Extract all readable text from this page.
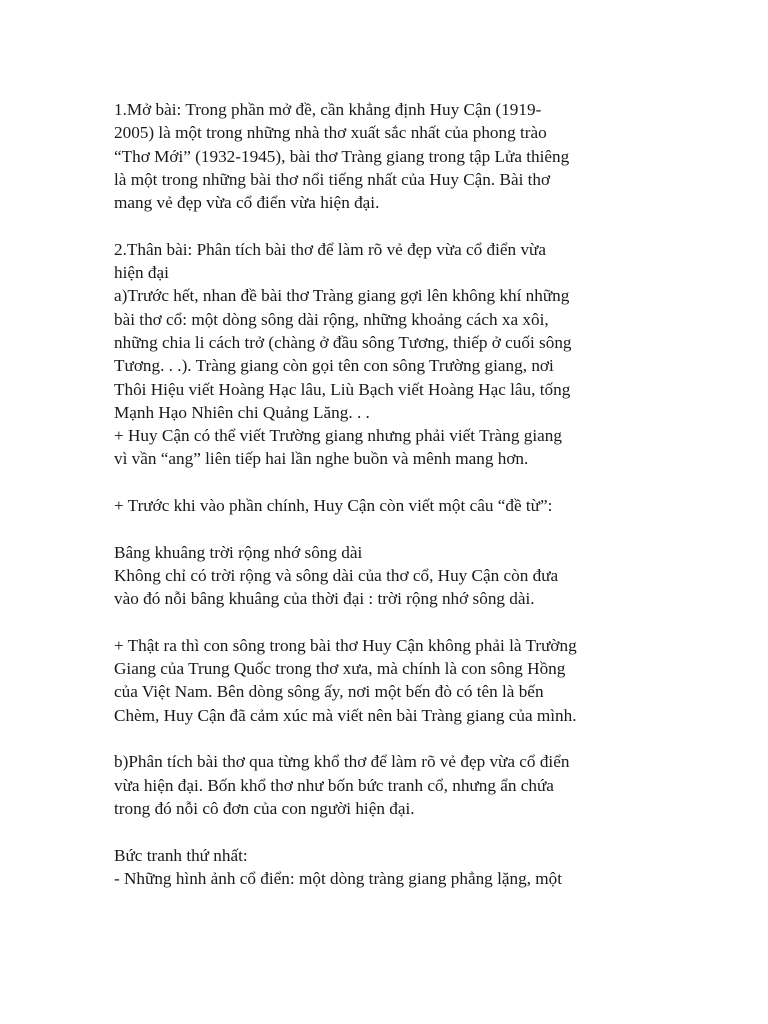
1.Mở bài: Trong phần mở đề, cần khẳng định Huy Cận (1919-
2005) là một trong những nhà thơ xuất sắc nhất của phong trào
“Thơ Mới” (1932-1945), bài thơ Tràng giang trong tập Lửa thiêng
là một trong những bài thơ nổi tiếng nhất của Huy Cận. Bài thơ
mang vẻ đẹp vừa cổ điển vừa hiện đại.
2.Thân bài: Phân tích bài thơ để làm rõ vẻ đẹp vừa cổ điển vừa
hiện đại
a)Trước hết, nhan đề bài thơ Tràng giang gợi lên không khí những
bài thơ cổ: một dòng sông dài rộng, những khoảng cách xa xôi,
những chia li cách trở (chàng ở đầu sông Tương, thiếp ở cuối sông
Tương. . .). Tràng giang còn gọi tên con sông Trường giang, nơi
Thôi Hiệu viết Hoàng Hạc lâu, Liù Bạch viết Hoàng Hạc lâu, tống
Mạnh Hạo Nhiên chi Quảng Lăng. . .
+ Huy Cận có thể viết Trường giang nhưng phải viết Tràng giang
vì vần “ang” liên tiếp hai lần nghe buồn và mênh mang hơn.
+ Trước khi vào phần chính, Huy Cận còn viết một câu “đề từ”:
Bâng khuâng trời rộng nhớ sông dài
Không chỉ có trời rộng và sông dài của thơ cổ, Huy Cận còn đưa
vào đó nỗi bâng khuâng của thời đại : trời rộng nhớ sông dài.
+ Thật ra thì con sông trong bài thơ Huy Cận không phải là Trường
Giang của Trung Quốc trong thơ xưa, mà chính là con sông Hồng
của Việt Nam. Bên dòng sông ấy, nơi một bến đò có tên là bến
Chèm, Huy Cận đã cảm xúc mà viết nên bài Tràng giang của mình.
b)Phân tích bài thơ qua từng khổ thơ để làm rõ vẻ đẹp vừa cổ điển
vừa hiện đại. Bốn khổ thơ như bốn bức tranh cổ, nhưng ẩn chứa
trong đó nỗi cô đơn của con người hiện đại.
Bức tranh thứ nhất:
- Những hình ảnh cổ điển: một dòng tràng giang phẳng lặng, một
